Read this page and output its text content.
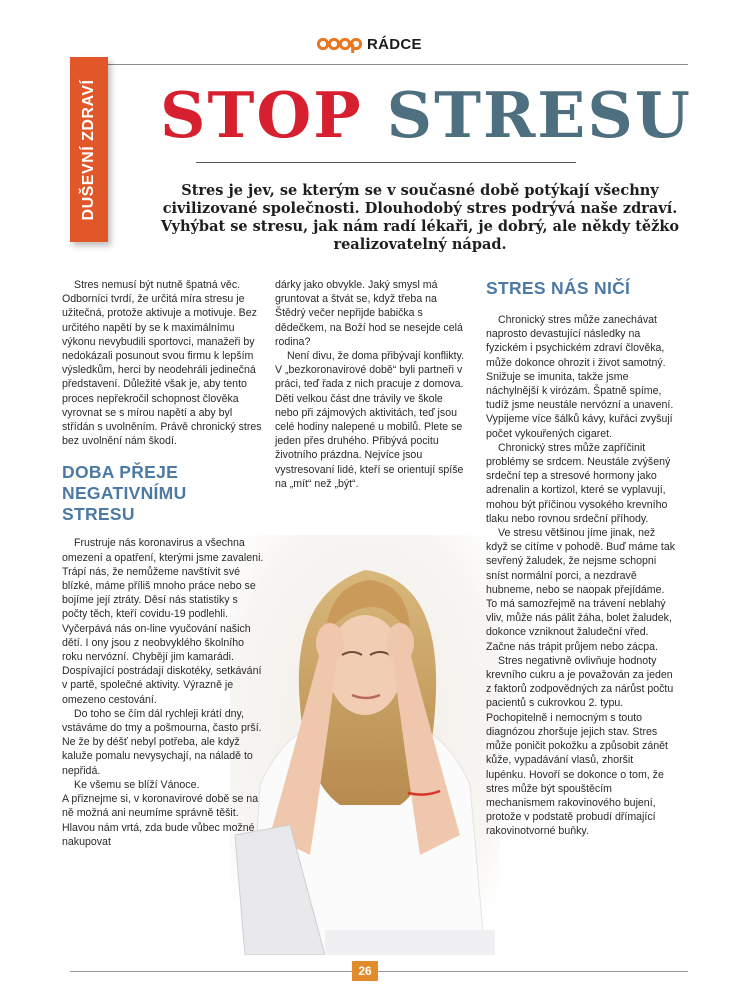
RÁDCE
DUŠEVNÍ ZDRAVÍ STOP STRESU
Stres je jev, se kterým se v současné době potýkají všechny civilizované společnosti. Dlouhodobý stres podrývá naše zdraví. Vyhýbat se stresu, jak nám radí lékaři, je dobrý, ale někdy těžko realizovatelný nápad.

Stres nemusí být nutně špatná věc. Odborníci tvrdí, že určitá míra stresu je užitečná, protože aktivuje a motivuje. Bez určitého napětí by se k maximálnímu výkonu nevybudili sportovci, manažeři by nedokázali posunout svou firmu k lepším výsledkům, herci by neodehráli jedinečná představení. Důležité však je, aby tento proces nepřekročil schopnost člověka vyrovnat se s mírou napětí a aby byl střídán s uvolněním. Právě chronický stres bez uvolnění nám škodí.

DOBA PŘEJE NEGATIVNÍMU STRESU

Frustruje nás koronavirus a všechna omezení a opatření, kterými jsme zavaleni. Trápí nás, že nemůžeme navštívit své blízké, máme příliš mnoho práce nebo se bojíme její ztráty. Děsí nás statistiky s počty těch, kteří covidu-19 podlehli. Vyčerpává nás on-line vyučování našich dětí. I ony jsou z neobvyklého školního roku nervózní. Chybějí jim kamarádi. Dospívající postrádají diskotéky, setkávání v partě, společné aktivity. Výrazně je omezeno cestování.

Do toho se čím dál rychleji krátí dny, vstáváme do tmy a pošmourna, často prší. Ne že by déšť nebyl potřeba, ale když kaluže pomalu nevysychají, na náladě to nepřidá.

Ke všemu se blíží Vánoce.

A přiznejme si, v koronavirové době se na ně možná ani neumíme správně těšit. Hlavou nám vrtá, zda bude vůbec možné nakupovat

dárky jako obvykle. Jaký smysl má gruntovat a štvát se, když třeba na Štědrý večer nepřijde babička s dědečkem, na Boží hod se nesejde celá rodina?

Není divu, že doma přibývají konflikty. V „bezkoronavirové době“ byli partneři v práci, teď řada z nich pracuje z domova. Děti velkou část dne trávily ve škole nebo při zájmových aktivitách, teď jsou celé hodiny nalepené u mobilů. Plete se jeden přes druhého. Přibývá pocitu životního prázdna. Nejvíce jsou vystresovaní lidé, kteří se orientují spíše na „mít“ než „být“.

STRES NÁS NIČÍ

Chronický stres může zanechávat naprosto devastující následky na fyzickém i psychickém zdraví člověka, může dokonce ohrozit i život samotný. Snižuje se imunita, takže jsme náchylnější k virózám. Špatně spíme, tudíž jsme neustále nervózní a unavení. Vypijeme více šálků kávy, kuřáci zvyšují počet vykouřených cigaret.

Chronický stres může zapříčinit problémy se srdcem. Neustále zvýšený srdeční tep a stresové hormony jako adrenalin a kortizol, které se vyplavují, mohou být příčinou vysokého krevního tlaku nebo rovnou srdeční příhody.

Ve stresu většinou jíme jinak, než když se cítíme v pohodě. Buď máme tak sevřený žaludek, že nejsme schopni sníst normální porci, a nezdravě hubneme, nebo se naopak přejídáme. To má samozřejmě na trávení neblahý vliv, může nás pálit žáha, bolet žaludek, dokonce vzniknout žaludeční vřed. Začne nás trápit průjem nebo zácpa.

Stres negativně ovlivňuje hodnoty krevního cukru a je považován za jeden z faktorů zodpovědných za nárůst počtu pacientů s cukrovkou 2. typu. Pochopitelně i nemocným s touto diagnózou zhoršuje jejich stav. Stres může poničit pokožku a způsobit zánět kůže, vypadávání vlasů, zhoršit lupénku. Hovoří se dokonce o tom, že stres může být spouštěcím mechanismem rakovinového bujení, protože v podstatě probudí dřímající rakovinotvorné buňky.

26
